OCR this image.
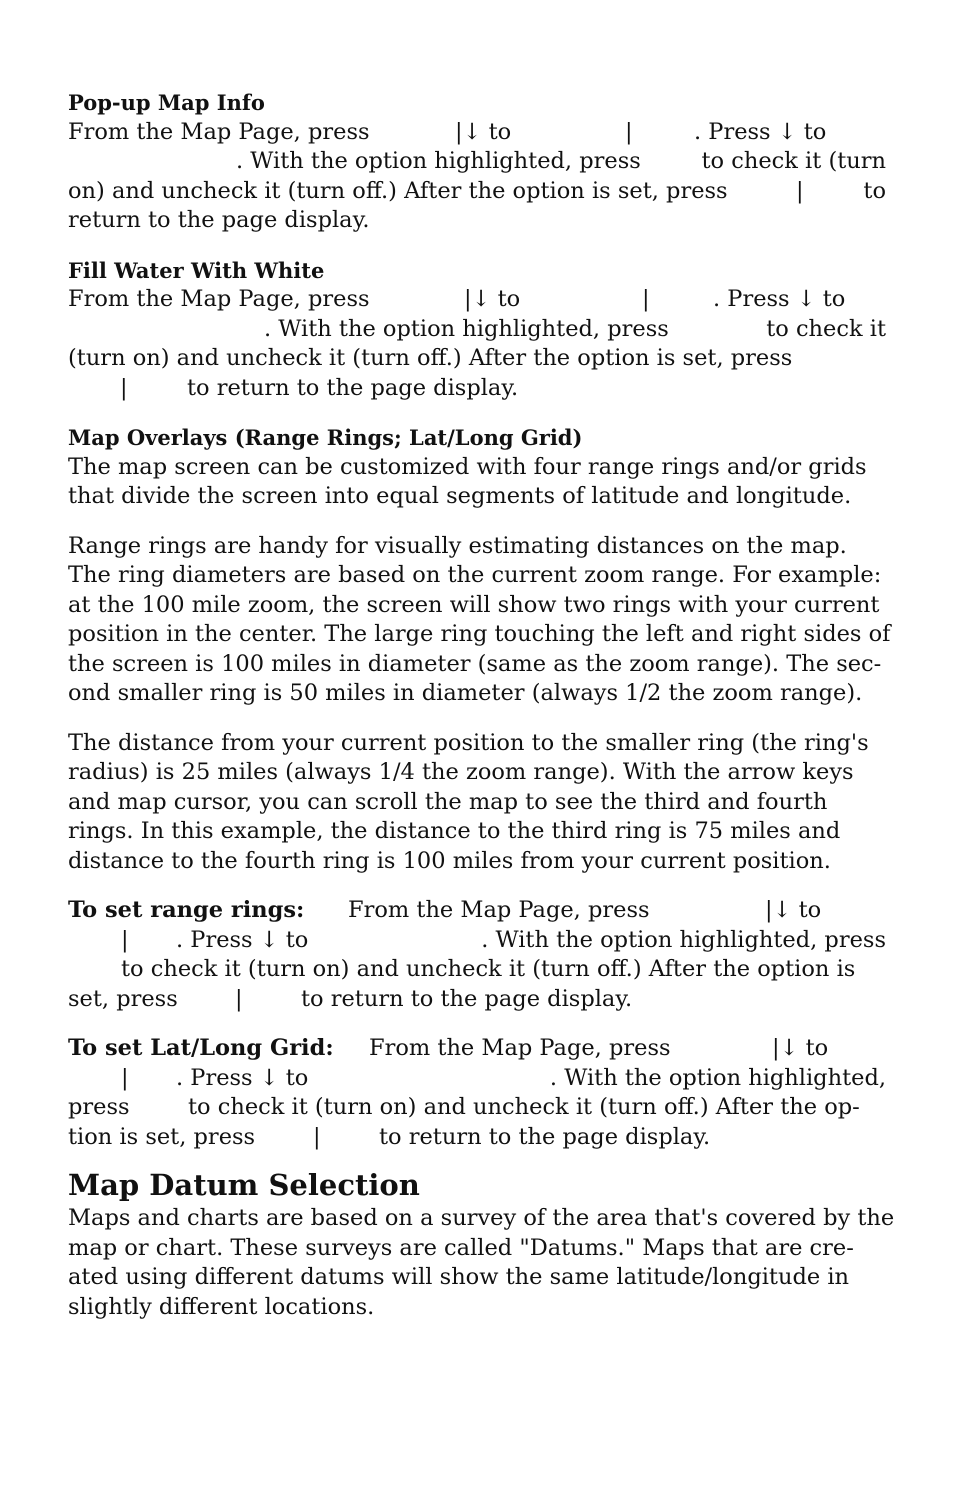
Pop-up Map Info
From the Map Page, press	|↓ to	|	. Press ↓ to
. With the option highlighted, press	to check it (turn
on) and uncheck it (turn off.) After the option is set, press	|	to
return to the page display.
Fill Water With White
From the Map Page, press	|↓ to	|	. Press ↓ to
. With the option highlighted, press	to check it
(turn on) and uncheck it (turn off.) After the option is set, press
|	to return to the page display.
Map Overlays (Range Rings; Lat/Long Grid)
The map screen can be customized with four range rings and/or grids
that divide the screen into equal segments of latitude and longitude.
Range rings are handy for visually estimating distances on the map.
The ring diameters are based on the current zoom range. For example:
at the 100 mile zoom, the screen will show two rings with your current
position in the center. The large ring touching the left and right sides of
the screen is 100 miles in diameter (same as the zoom range). The sec-
ond smaller ring is 50 miles in diameter (always 1/2 the zoom range).
The distance from your current position to the smaller ring (the ring's
radius) is 25 miles (always 1/4 the zoom range). With the arrow keys
and map cursor, you can scroll the map to see the third and fourth
rings. In this example, the distance to the third ring is 75 miles and
distance to the fourth ring is 100 miles from your current position.
To set range rings: From the Map Page, press	|↓ to
| . Press ↓ to	. With the option highlighted, press
to check it (turn on) and uncheck it (turn off.) After the option is
set, press	|	to return to the page display.
To set Lat/Long Grid: From the Map Page, press	|↓ to
| . Press ↓ to	. With the option highlighted,
press	to check it (turn on) and uncheck it (turn off.) After the op-
tion is set, press	|	to return to the page display.
Map Datum Selection
Maps and charts are based on a survey of the area that's covered by the
map or chart. These surveys are called "Datums." Maps that are cre-
ated using different datums will show the same latitude/longitude in
slightly different locations.
